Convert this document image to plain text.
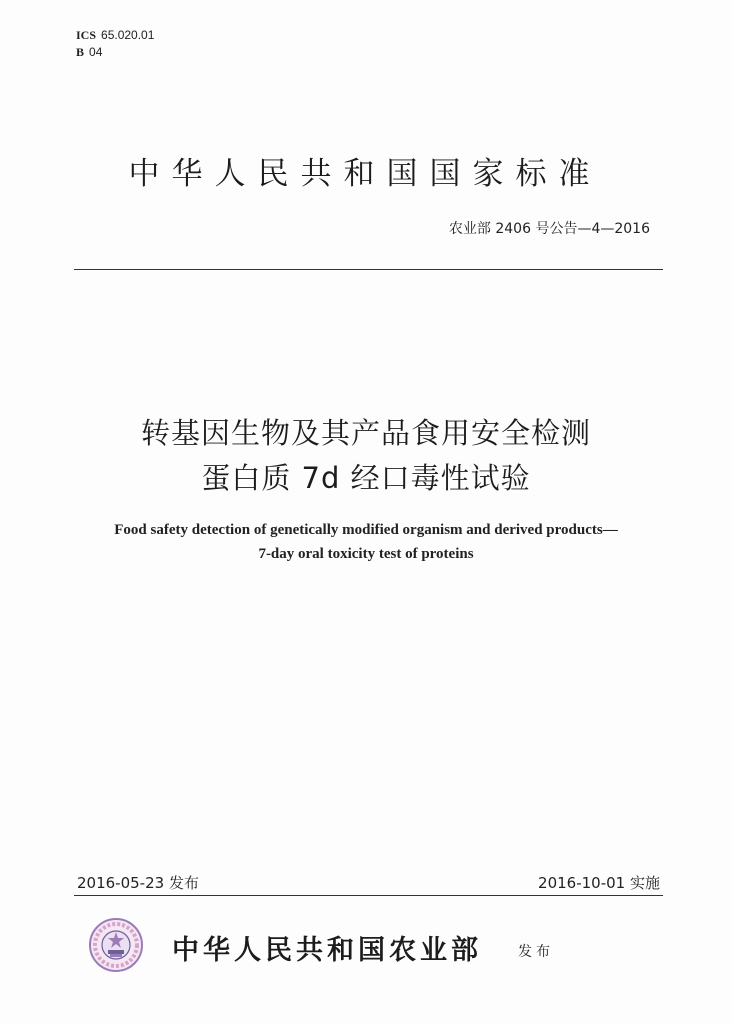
ICS 65.020.01
B 04
中华人民共和国国家标准
农业部 2406 号公告—4—2016
转基因生物及其产品食用安全检测
蛋白质 7d 经口毒性试验
Food safety detection of genetically modified organism and derived products—
7-day oral toxicity test of proteins
2016-05-23 发布	2016-10-01 实施
中华人民共和国农业部	发布
